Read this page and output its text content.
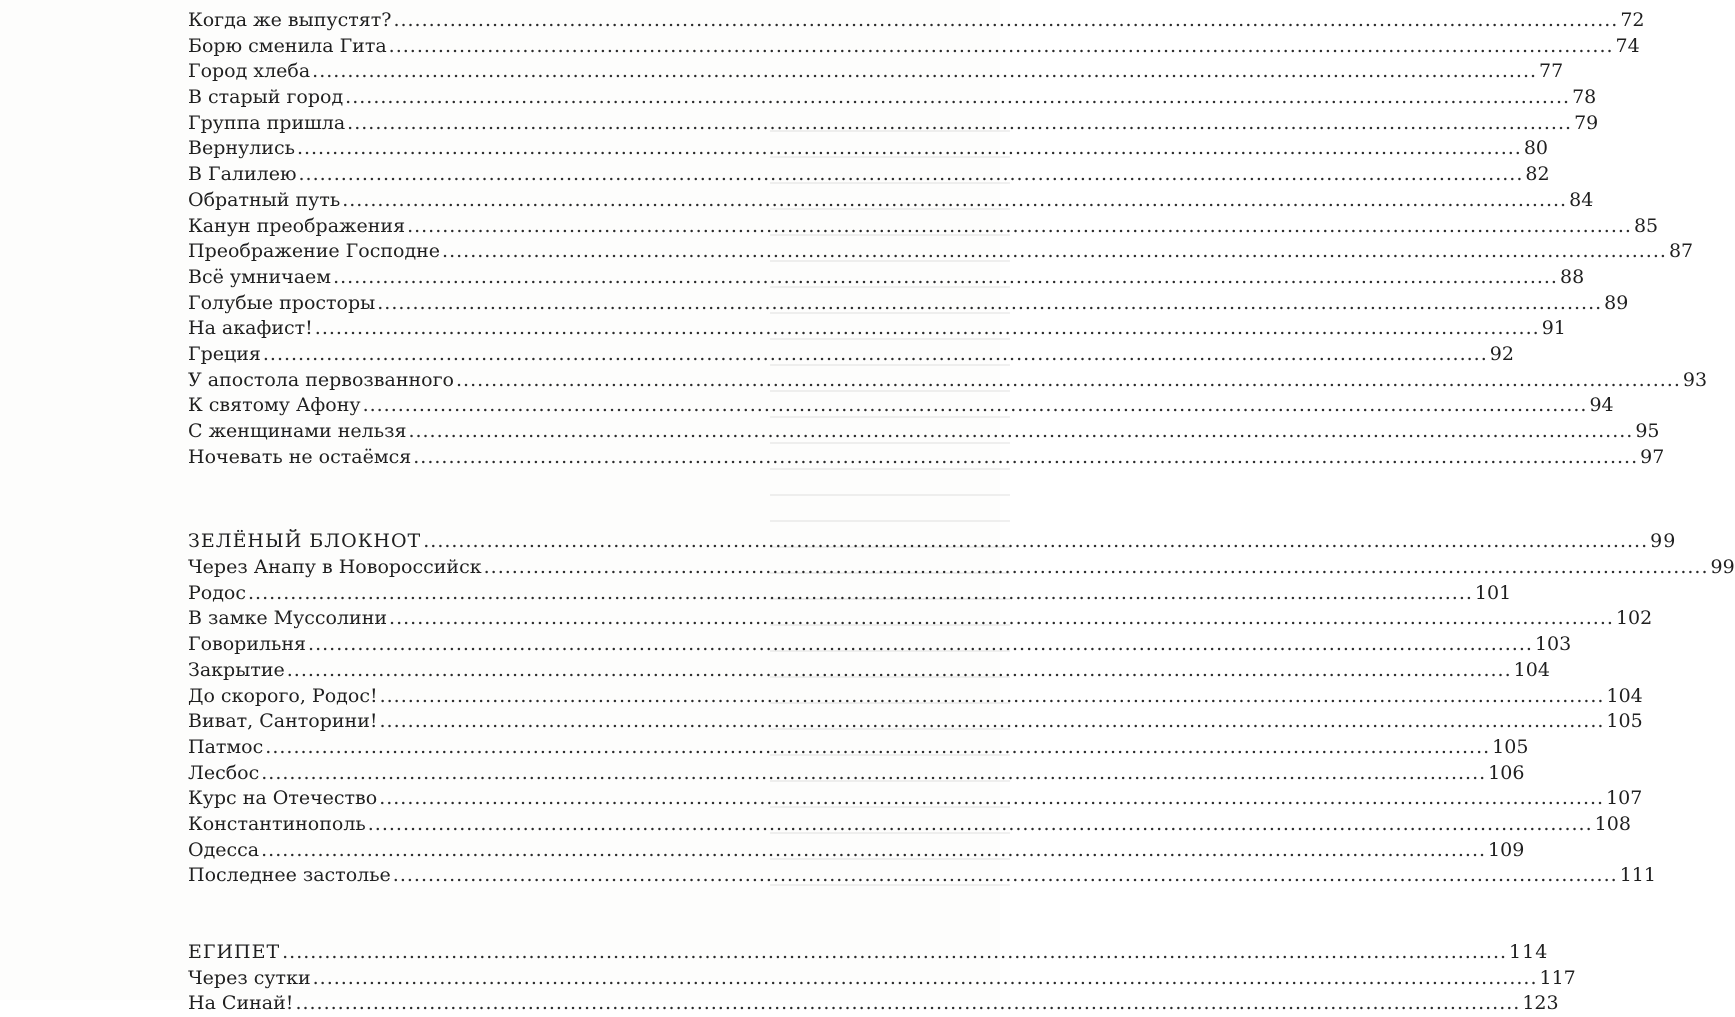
Когда же выпустят? .....	72
Борю сменила Гита .....	74
Город хлеба .....	77
В старый город .....	78
Группа пришла .....	79
Вернулись .....	80
В Галилею .....	82
Обратный путь .....	84
Канун преображения .....	85
Преображение Господне .....	87
Всё умничаем .....	88
Голубые просторы .....	89
На акафист! .....	91
Греция .....	92
У апостола первозванного .....	93
К святому Афону .....	94
С женщинами нельзя .....	95
Ночевать не остаёмся .....	97
ЗЕЛЁНЫЙ БЛОКНОТ .....	99
Через Анапу в Новороссийск .....	99
Родос .....	101
В замке Муссолини .....	102
Говорильня .....	103
Закрытие .....	104
До скорого, Родос! .....	104
Виват, Санторини! .....	105
Патмос .....	105
Лесбос .....	106
Курс на Отечество .....	107
Константинополь .....	108
Одесса .....	109
Последнее застолье .....	111
ЕГИПЕТ .....	114
Через сутки .....	117
На Синай! .....	123
